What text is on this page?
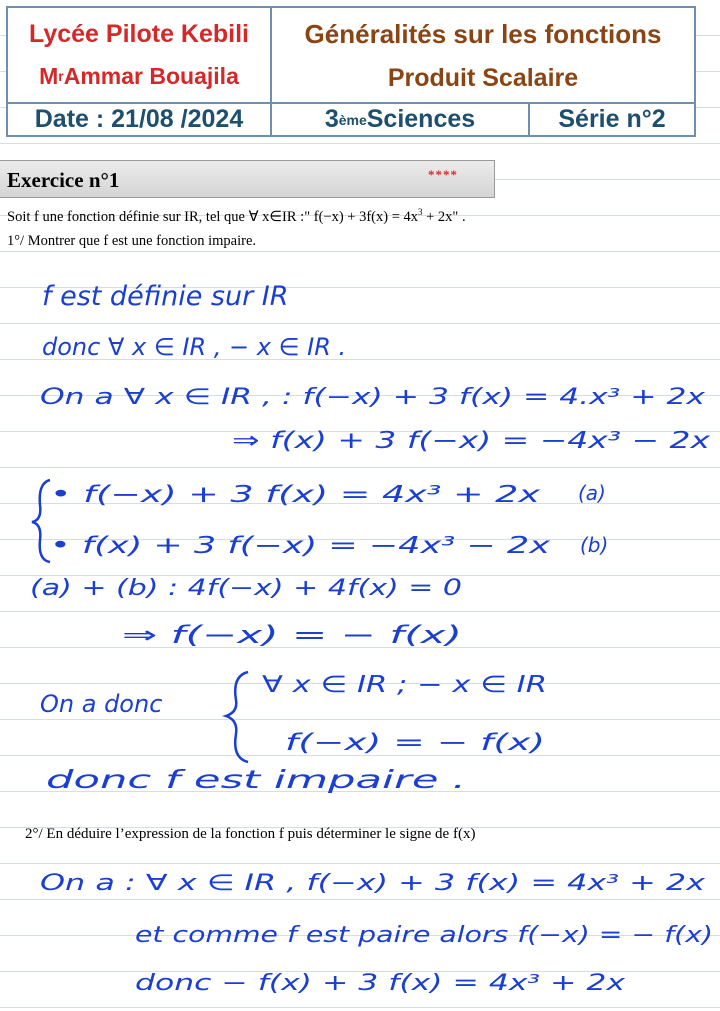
Lycée Pilote Kebili
M r Ammar Bouajila
Généralités sur les fonctions
Produit Scalaire
Date : 21/08 /2024	3 ème Sciences	Série n°2
Exercice n°1	****
Soit f une fonction définie sur IR, tel que ∀ x∈IR :" $f(-x) + 3f(x) = 4x^3 + 2x$" .
1°/ Montrer que f est une fonction impaire.
2°/ En déduire l’expression de la fonction f puis déterminer le signe de f(x)
f est définie sur IR
donc ∀ x ∈ IR , − x ∈ IR .
On a ∀ x ∈ IR , : f(−x) + 3 f(x) = 4.x³ + 2x
⇒ f(x) + 3 f(−x) = −4x³ − 2x
• f(−x) + 3 f(x) = 4x³ + 2x (a)
• f(x) + 3 f(−x) = −4x³ − 2x (b)
(a) + (b) : 4f(−x) + 4f(x) = 0
⇒ f(−x) = − f(x)
On a donc
∀ x ∈ IR ; − x ∈ IR
f(−x) = − f(x)
donc f est impaire .
On a : ∀ x ∈ IR , f(−x) + 3 f(x) = 4x³ + 2x
et comme f est paire alors f(−x) = − f(x)
donc − f(x) + 3 f(x) = 4x³ + 2x
